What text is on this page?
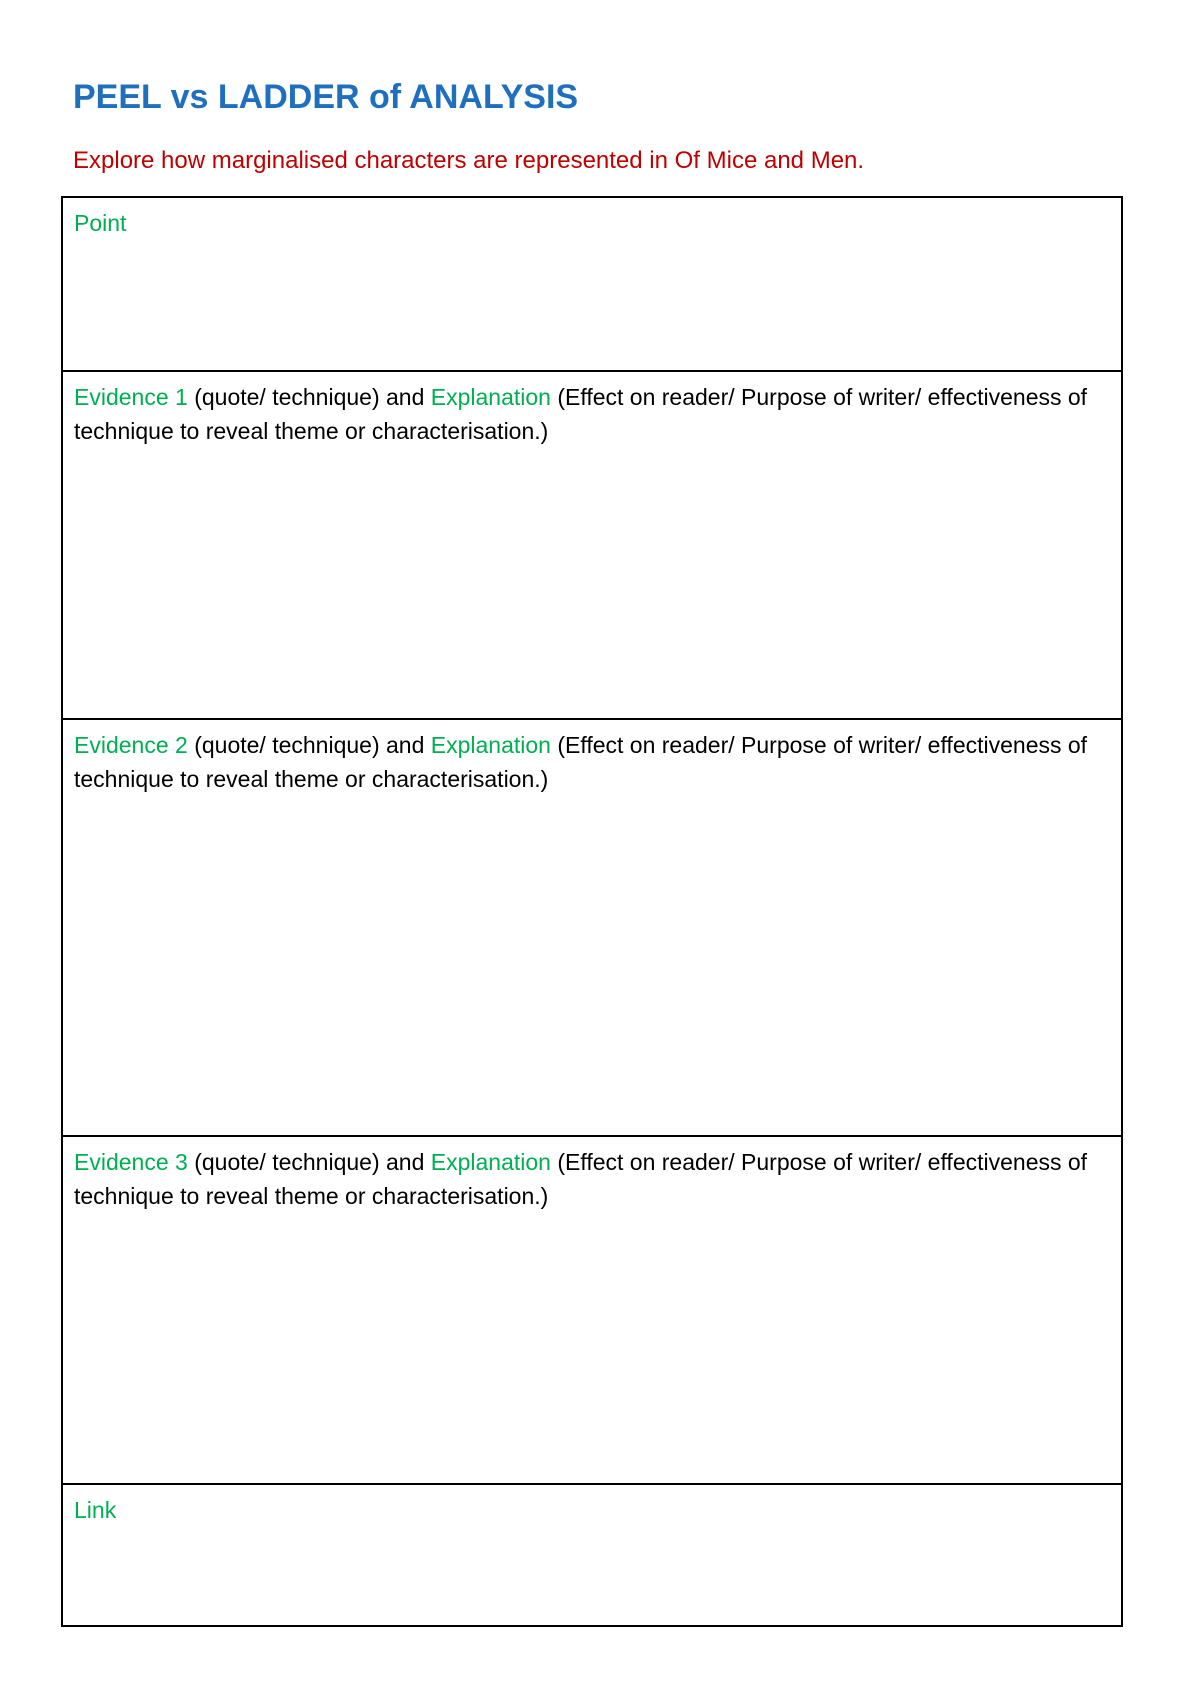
PEEL vs LADDER of ANALYSIS
Explore how marginalised characters are represented in Of Mice and Men.
Point
Evidence 1 (quote/ technique) and Explanation (Effect on reader/ Purpose of writer/ effectiveness of technique to reveal theme or characterisation.)
Evidence 2 (quote/ technique) and Explanation (Effect on reader/ Purpose of writer/ effectiveness of technique to reveal theme or characterisation.)
Evidence 3 (quote/ technique) and Explanation (Effect on reader/ Purpose of writer/ effectiveness of technique to reveal theme or characterisation.)
Link
